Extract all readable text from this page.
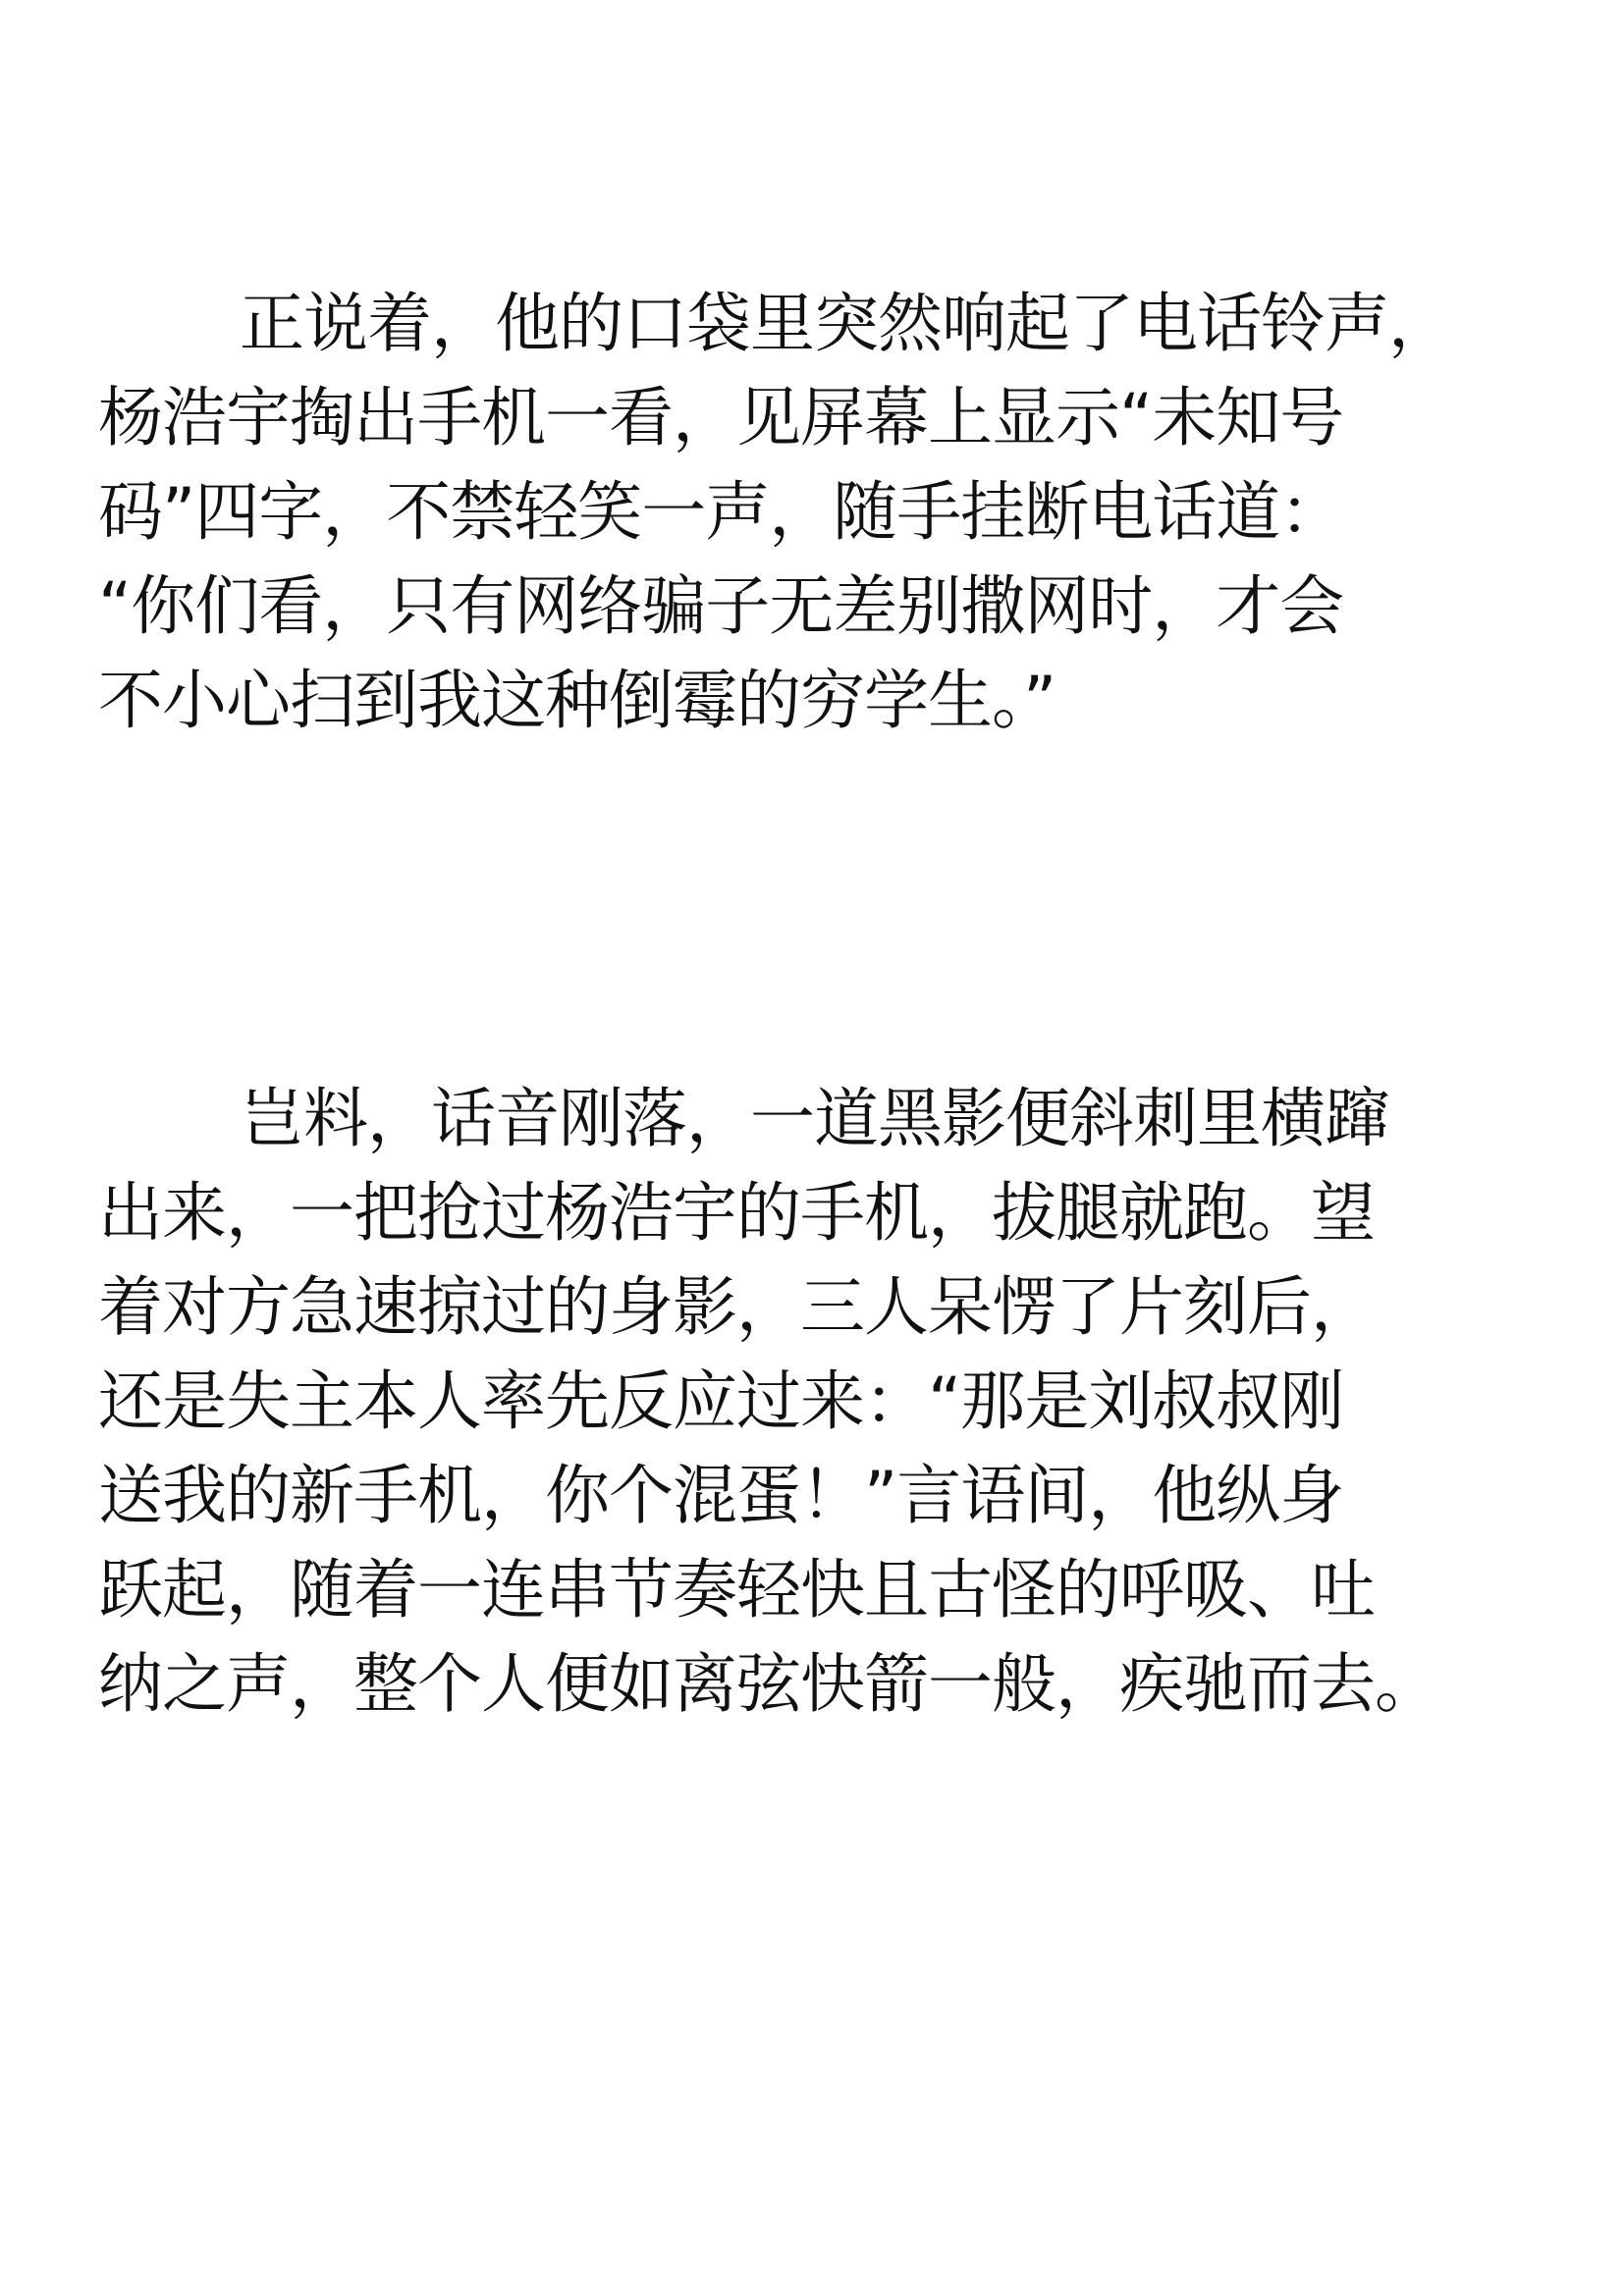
正说着，他的口袋里突然响起了电话铃声，
杨浩宇掏出手机一看，见屏幕上显示“未知号
码”四字，不禁轻笑一声，随手挂断电话道：
“你们看，只有网络骗子无差别撒网时，才会
不小心扫到我这种倒霉的穷学生。”
岂料，话音刚落，一道黑影便斜刺里横蹿
出来，一把抢过杨浩宇的手机，拔腿就跑。望
着对方急速掠过的身影，三人呆愣了片刻后，
还是失主本人率先反应过来：“那是刘叔叔刚
送我的新手机，你个混蛋！”言语间，他纵身
跃起，随着一连串节奏轻快且古怪的呼吸、吐
纳之声，整个人便如离弦快箭一般，疾驰而去。
